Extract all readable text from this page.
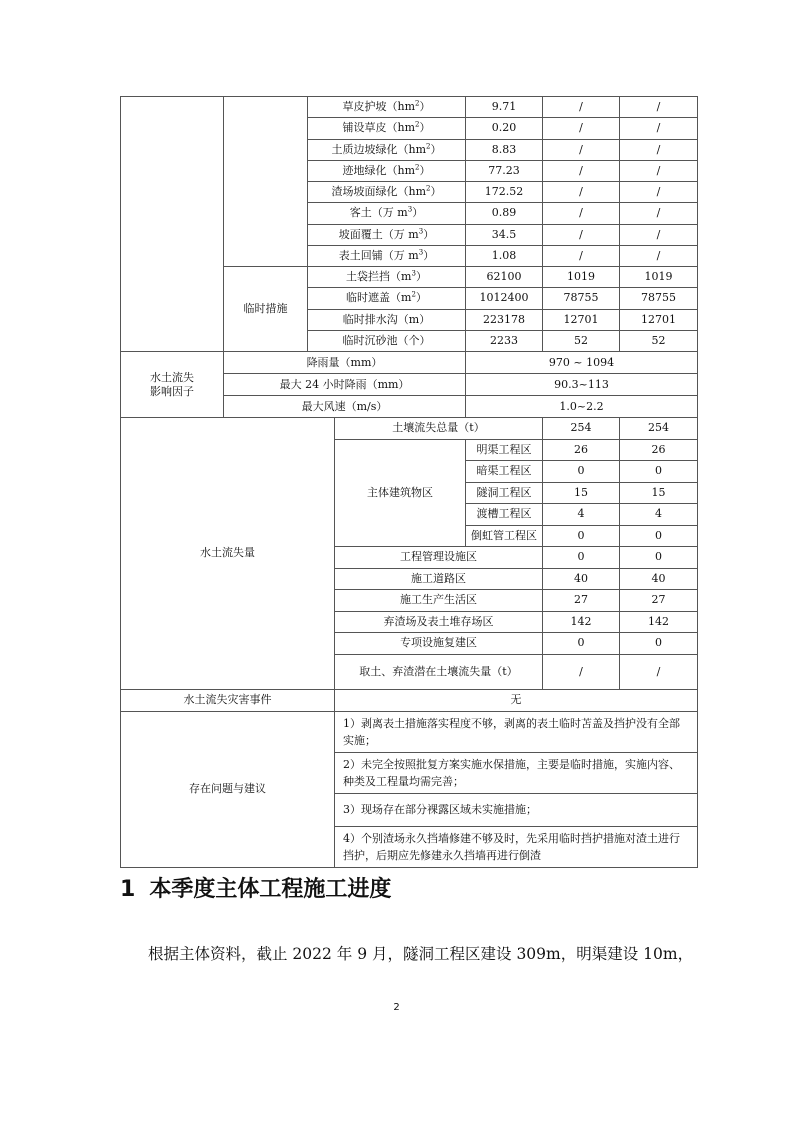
		草皮护坡$(hm^2)$		9.71	/	/
		铺设草皮$(hm^2)$		0.20	/	/
		土质边坡绿化$(hm^2)$		8.83	/	/
		迹地绿化$(hm^2)$		77.23	/	/
		渣场坡面绿化$(hm^2)$		172.52	/	/
		客土（万 $m^3$）		0.89	/	/
		坡面覆土（万 $m^3$）		34.5	/	/
		表土回铺（万 $m^3$）		1.08	/	/
	临时措施	土袋拦挡$(m^3)$		62100	1019	1019
		临时遮盖$(m^2)$		1012400	78755	78755
		临时排水沟（m）		223178	12701	12701
		临时沉砂池（个）		2233	52	52

水土流失
影响因子	降雨量（mm）			970 ~ 1094		
	最大 24 小时降雨（mm）			90.3~113		
	最大风速（m/s）			1.0~2.2		
水土流失量			土壤流失总量（t）		254	254
			主体建筑物区	明渠工程区	26	26
				暗渠工程区	0	0
				隧洞工程区	15	15
				渡槽工程区	4	4
				倒虹管工程区	0	0
			工程管理设施区		0	0
			施工道路区		40	40
			施工生产生活区		27	27
			弃渣场及表土堆存场区		142	142
			专项设施复建区		0	0
			取土、弃渣潜在土壤流失量（t）		/	/
水土流失灾害事件			无			
存在问题与建议			1）剥离表土措施落实程度不够，剥离的表土临时苫盖及挡护没有全部实施；			
			2）未完全按照批复方案实施水保措施，主要是临时措施，实施内容、种类及工程量均需完善；			
			3）现场存在部分裸露区域未实施措施；			
			4）个别渣场永久挡墙修建不够及时，先采用临时挡护措施对渣土进行挡护，后期应先修建永久挡墙再进行倒渣			
1 本季度主体工程施工进度
根据主体资料，截止 2022 年 9 月，隧洞工程区建设 309m，明渠建设 10m，
2
